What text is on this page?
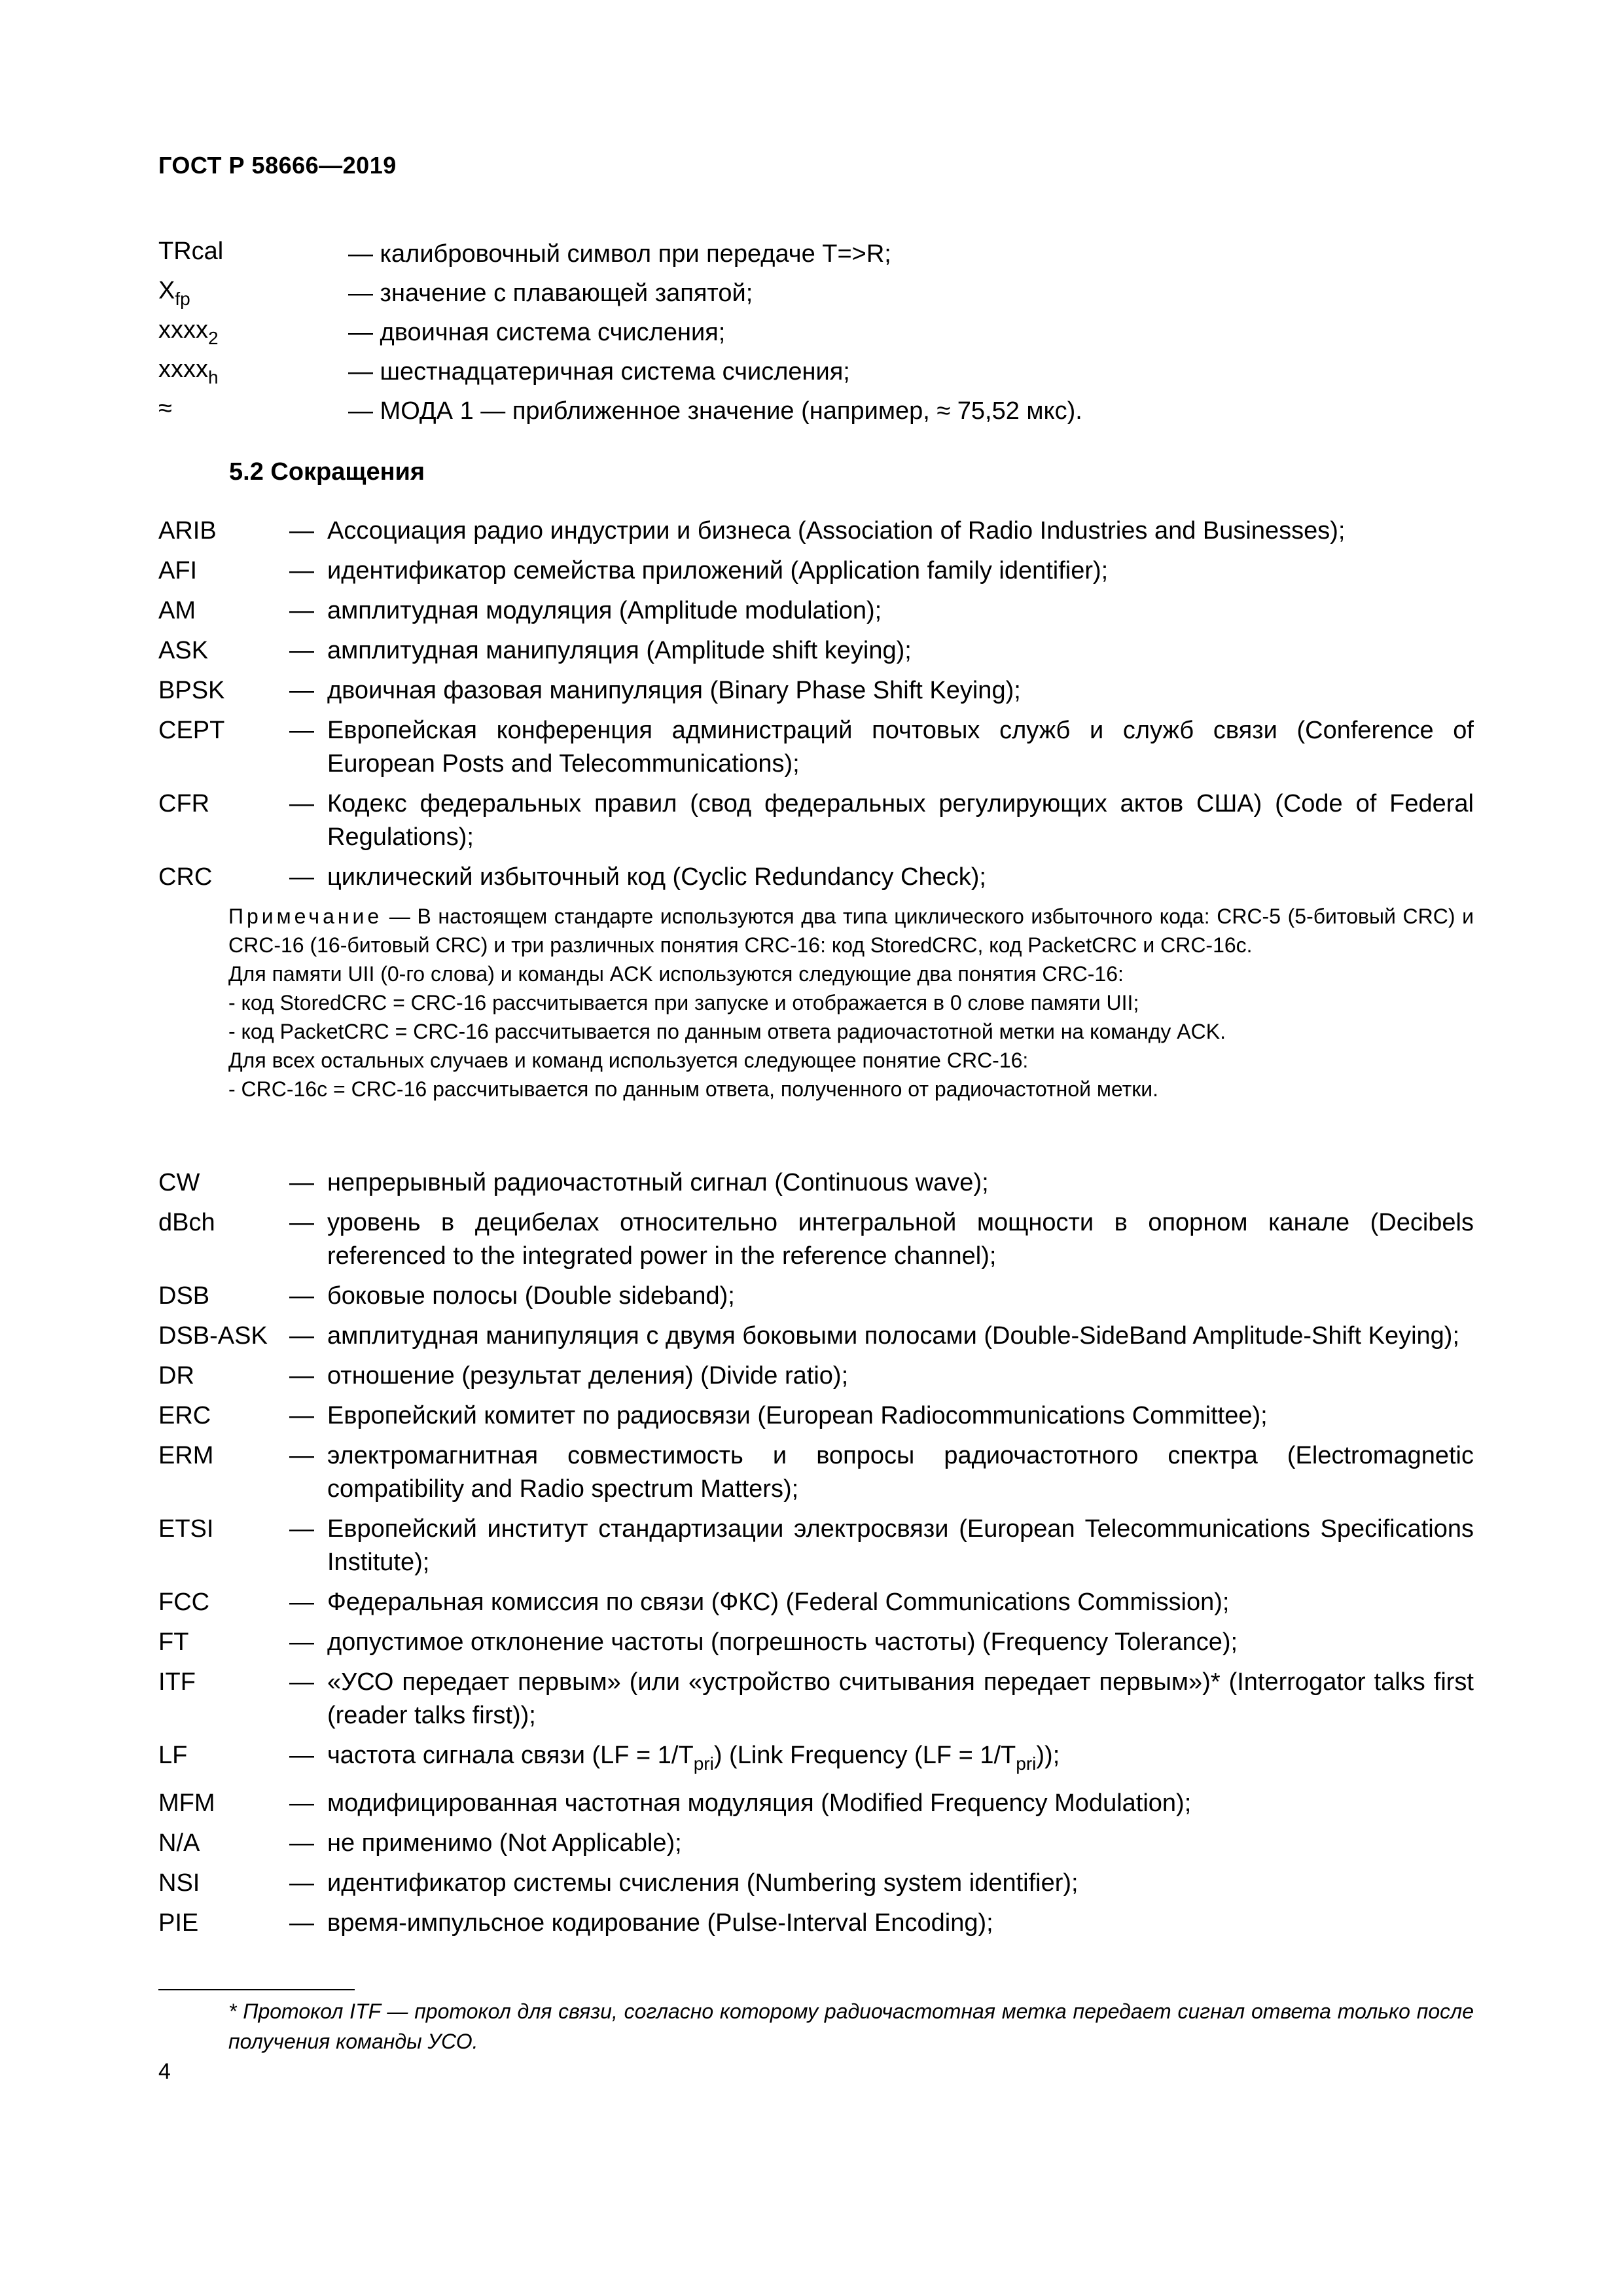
ГОСТ Р 58666—2019
TRcal	— калибровочный символ при передаче T=>R;
$X_{fp}$	— значение с плавающей запятой;
xxxx$_2$	— двоичная система счисления;
xxxx$_h$	— шестнадцатеричная система счисления;
≈	— МОДА 1 — приближенное значение (например, ≈ 75,52 мкс).
5.2 Сокращения
ARIB	— Ассоциация радио индустрии и бизнеса (Association of Radio Industries and Businesses);
AFI	— идентификатор семейства приложений (Application family identifier);
AM	— амплитудная модуляция (Amplitude modulation);
ASK	— амплитудная манипуляция (Amplitude shift keying);
BPSK	— двоичная фазовая манипуляция (Binary Phase Shift Keying);
CEPT	— Европейская конференция администраций почтовых служб и служб связи (Conference of European Posts and Telecommunications);
CFR	— Кодекс федеральных правил (свод федеральных регулирующих актов США) (Code of Federal Regulations);
CRC	— циклический избыточный код (Cyclic Redundancy Check);

Примечание — В настоящем стандарте используются два типа циклического избыточного кода: CRC-5 (5-битовый CRC) и CRC-16 (16-битовый CRC) и три различных понятия CRC-16: код StoredCRC, код PacketCRC и CRC-16c.

Для памяти UII (0-го слова) и команды ACK используются следующие два понятия CRC-16:

- код StoredCRC = CRC-16 рассчитывается при запуске и отображается в 0 слове памяти UII;

- код PacketCRC = CRC-16 рассчитывается по данным ответа радиочастотной метки на команду ACK.

Для всех остальных случаев и команд используется следующее понятие CRC-16:

- CRC-16c = CRC-16 рассчитывается по данным ответа, полученного от радиочастотной метки.

CW	— непрерывный радиочастотный сигнал (Continuous wave);
dBch	— уровень в децибелах относительно интегральной мощности в опорном канале (Decibels referenced to the integrated power in the reference channel);
DSB	— боковые полосы (Double sideband);
DSB-ASK — амплитудная манипуляция с двумя боковыми полосами (Double-SideBand Amplitude-Shift Keying);
DR	— отношение (результат деления) (Divide ratio);
ERC	— Европейский комитет по радиосвязи (European Radiocommunications Committee);
ERM	— электромагнитная совместимость и вопросы радиочастотного спектра (Electromagnetic compatibility and Radio spectrum Matters);
ETSI	— Европейский институт стандартизации электросвязи (European Telecommunications Specifications Institute);
FCC	— Федеральная комиссия по связи (ФКС) (Federal Communications Commission);
FT	— допустимое отклонение частоты (погрешность частоты) (Frequency Tolerance);
ITF	— «УСО передает первым» (или «устройство считывания передает первым»)* (Interrogator talks first (reader talks first));
LF	— частота сигнала связи $(LF = 1/T_{pri})$ (Link Frequency $(LF = 1/T_{pri})$);
MFM	— модифицированная частотная модуляция (Modified Frequency Modulation);
N/A	— не применимо (Not Applicable);
NSI	— идентификатор системы счисления (Numbering system identifier);
PIE	— время-импульсное кодирование (Pulse-Interval Encoding);
* Протокол ITF — протокол для связи, согласно которому радиочастотная метка передает сигнал ответа только после получения команды УСО.
4
